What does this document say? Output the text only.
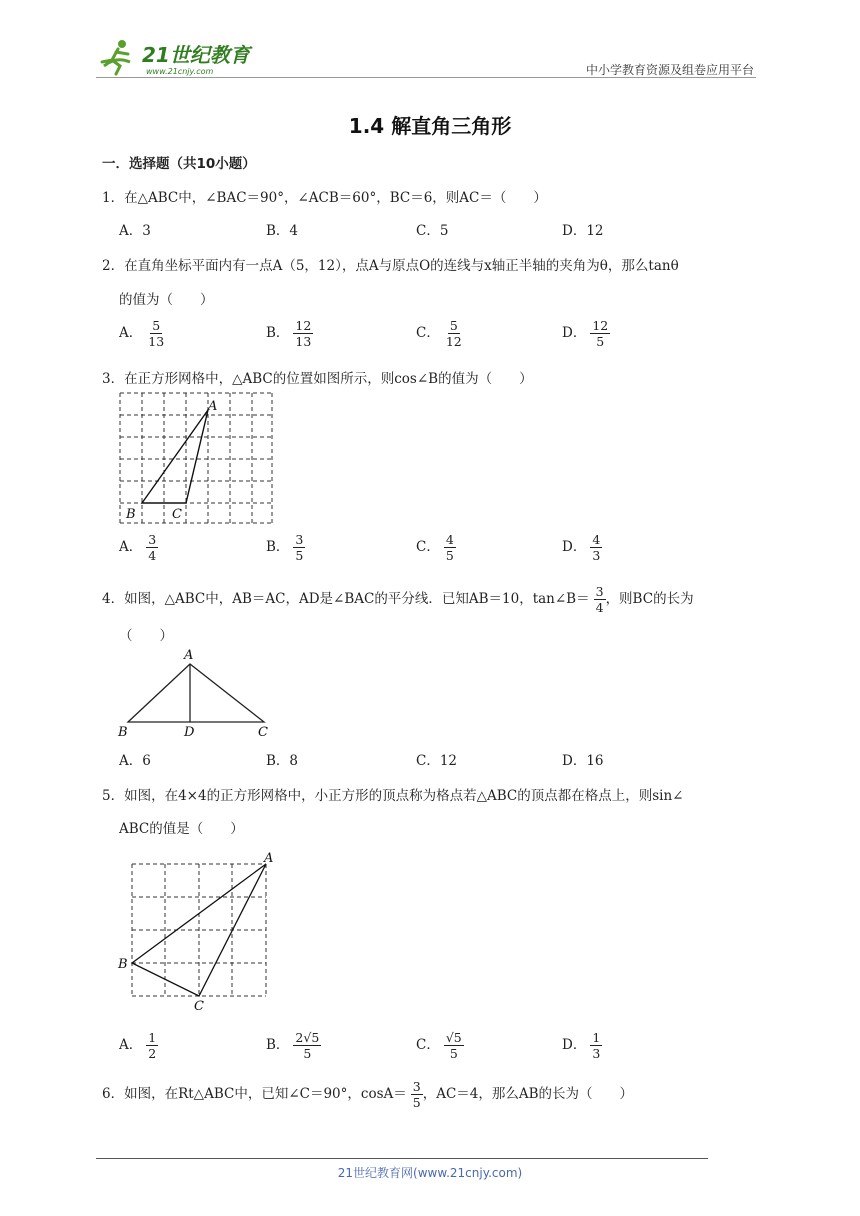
21世纪教育
www.21cnjy.com	中小学教育资源及组卷应用平台
1.4 解直角三角形
一．选择题（共10小题）
1．在△ABC中，∠BAC＝90°，∠ACB＝60°，BC＝6，则AC＝（　　）
A．3	B．4	C．5	D．12
2．在直角坐标平面内有一点A（5，12），点A与原点O的连线与x轴正半轴的夹角为θ，那么tanθ
的值为（　　）
A． $\frac{5}{13}$	B． $\frac{12}{13}$	C． $\frac{5}{12}$	D． $\frac{12}{5}$
3．在正方形网格中，△ABC的位置如图所示，则cos∠B的值为（　　）
A
B	C
A． $\frac{3}{4}$	B． $\frac{3}{5}$	C． $\frac{4}{5}$	D． $\frac{4}{3}$
4．如图，△ABC中，AB＝AC，AD是∠BAC的平分线．已知AB＝10，tan∠B＝ $\frac{3}{4}$ ，则BC的长为
（　　）
A
B	D	C
A．6	B．8	C．12	D．16
5．如图，在4×4的正方形网格中，小正方形的顶点称为格点若△ABC的顶点都在格点上，则sin∠
ABC的值是（　　）
A
B
C
A． $\frac{1}{2}$	B． $\frac{2√5}{5}$	C． $\frac{√5}{5}$	D． $\frac{1}{3}$
6．如图，在Rt△ABC中，已知∠C＝90°，$\cos A= \frac{3}{5}$ ，AC＝4，那么AB的长为（　　）
21世纪教育网(www.21cnjy.com)
